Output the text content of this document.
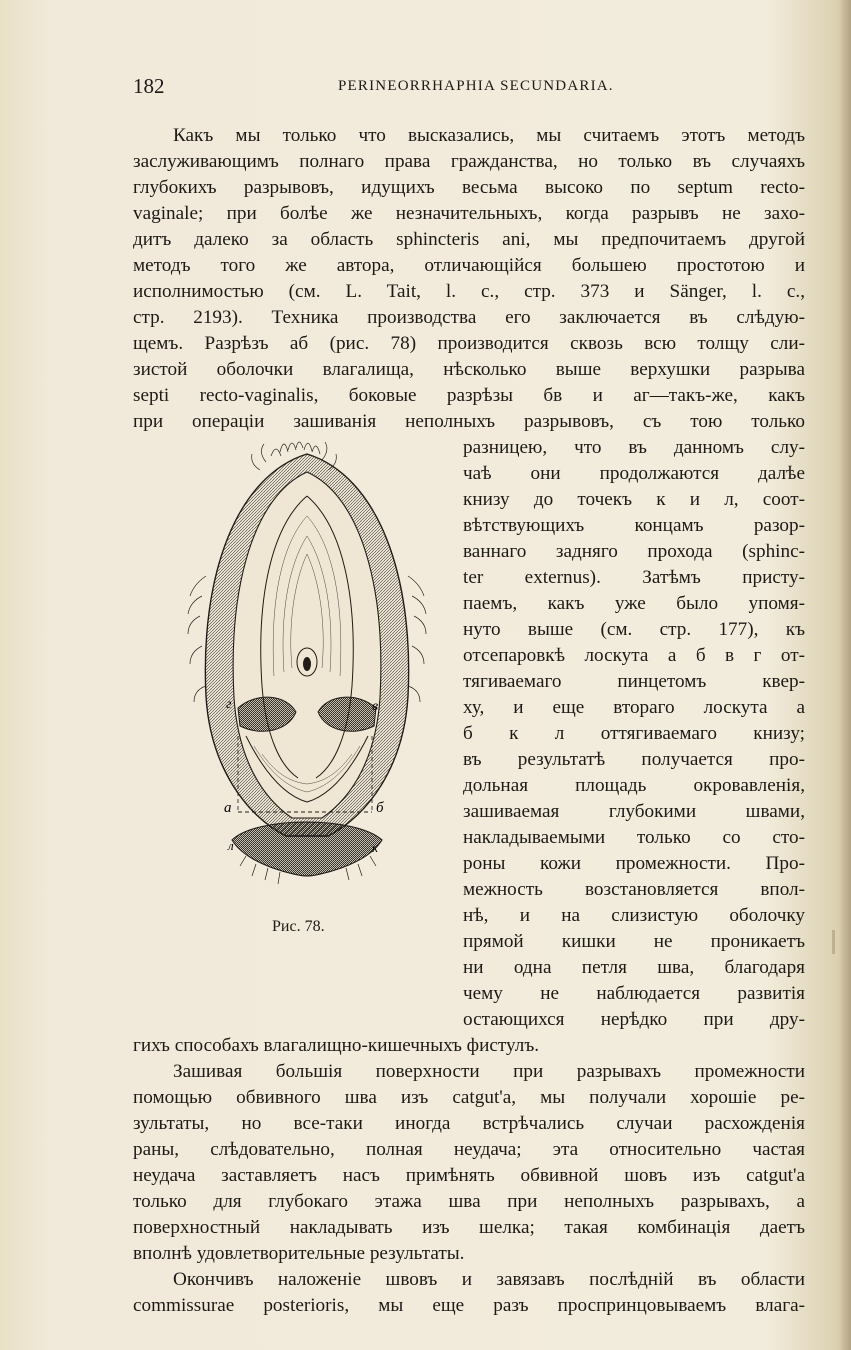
182	PERINEORRHAPHIA SECUNDARIA.
Какъ мы только что высказались, мы считаемъ этотъ методъ
заслуживающимъ полнаго права гражданства, но только въ случаяхъ
глубокихъ разрывовъ, идущихъ весьма высоко по septum recto-
vaginale; при болѣе же незначительныхъ, когда разрывъ не захо-
дитъ далеко за область sphincteris ani, мы предпочитаемъ другой
методъ того же автора, отличающійся большею простотою и
исполнимостью (см. L. Tait, l. c., стр. 373 и Sänger, l. c.,
стр. 2193). Техника производства его заключается въ слѣдую-
щемъ. Разрѣзъ аб (рис. 78) производится сквозь всю толщу сли-
зистой оболочки влагалища, нѣсколько выше верхушки разрыва
septi recto-vaginalis, боковые разрѣзы бв и аг—такъ-же, какъ
при операціи зашиванія неполныхъ разрывовъ, съ тою только
разницею, что въ данномъ слу-
чаѣ они продолжаются далѣе
книзу до точекъ к и л, соот-
вѣтствующихъ концамъ разор-
ваннаго задняго прохода (sphinc-
ter externus). Затѣмъ присту-
паемъ, какъ уже было упомя-
нуто выше (см. стр. 177), къ
отсепаровкѣ лоскута а б в г от-
тягиваемаго пинцетомъ квер-
ху, и еще втораго лоскута а
б к л оттягиваемаго книзу;
въ результатѣ получается про-
дольная площадь окровавленія,
зашиваемая глубокими швами,
накладываемыми только со сто-
роны кожи промежности. Про-
межность возстановляется впол-
нѣ, и на слизистую оболочку
прямой кишки не проникаетъ
ни одна петля шва, благодаря
чему не наблюдается развитія
остающихся нерѣдко при дру-
гихъ способахъ влагалищно-кишечныхъ фистулъ.
Зашивая большія поверхности при разрывахъ промежности
помощью обвивного шва изъ catgut'а, мы получали хорошіе ре-
зультаты, но все-таки иногда встрѣчались случаи расхожденія
раны, слѣдовательно, полная неудача; эта относительно частая
неудача заставляетъ насъ примѣнять обвивной шовъ изъ catgut'а
только для глубокаго этажа шва при неполныхъ разрывахъ, а
поверхностный накладывать изъ шелка; такая комбинація даетъ
вполнѣ удовлетворительные результаты.
Окончивъ наложеніе швовъ и завязавъ послѣдній въ области
commissurae posterioris, мы еще разъ проспринцовываемъ влага-
г	в
а	б
л	к
Рис. 78.
